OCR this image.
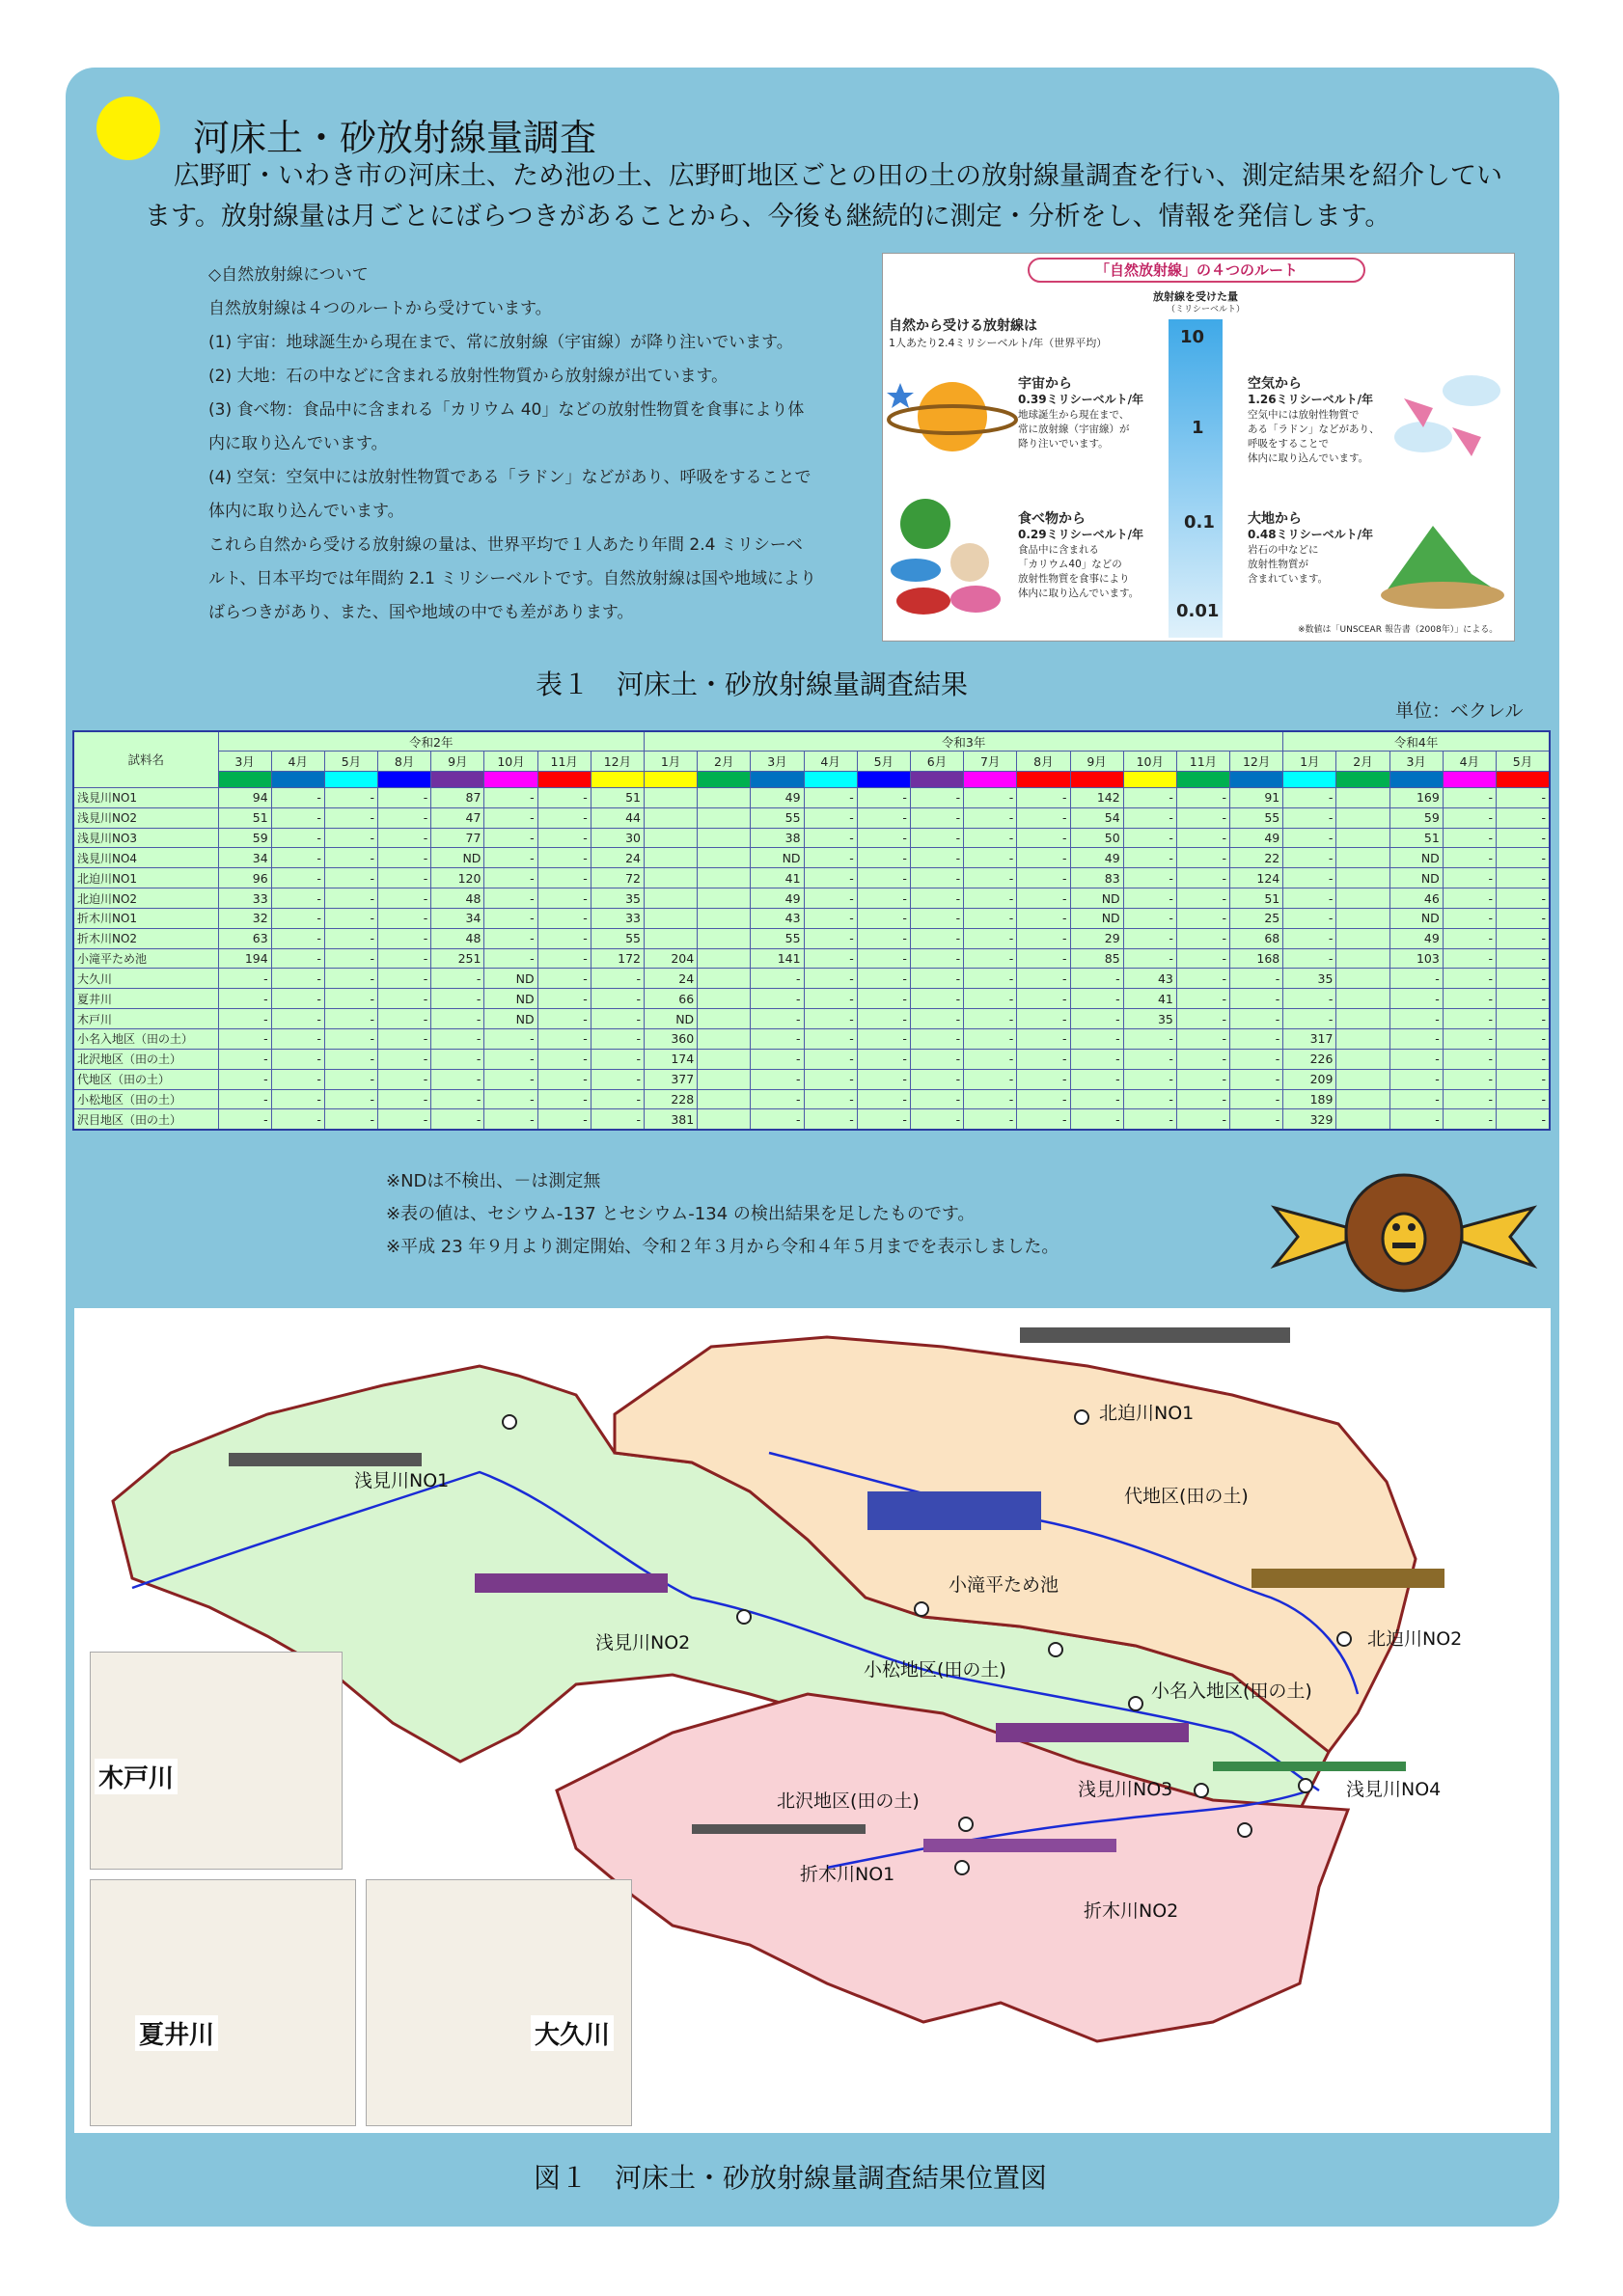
河床土・砂放射線量調査
広野町・いわき市の河床土、ため池の土、広野町地区ごとの田の土の放射線量調査を行い、測定結果を紹介しています。放射線量は月ごとにばらつきがあることから、今後も継続的に測定・分析をし、情報を発信します。
◇自然放射線について
自然放射線は４つのルートから受けています。
(1) 宇宙：地球誕生から現在まで、常に放射線（宇宙線）が降り注いでいます。
(2) 大地：石の中などに含まれる放射性物質から放射線が出ています。
(3) 食べ物：食品中に含まれる「カリウム 40」などの放射性物質を食事により体
内に取り込んでいます。
(4) 空気：空気中には放射性物質である「ラドン」などがあり、呼吸をすることで
体内に取り込んでいます。
これら自然から受ける放射線の量は、世界平均で１人あたり年間 2.4 ミリシーベ
ルト、日本平均では年間約 2.1 ミリシーベルトです。自然放射線は国や地域により
ばらつきがあり、また、国や地域の中でも差があります。
「自然放射線」の４つのルート
放射線を受けた量
（ミリシーベルト）
10
1
0.1
0.01
自然から受ける放射線は
1人あたり2.4ミリシーベルト/年（世界平均）
宇宙から
0.39ミリシーベルト/年
地球誕生から現在まで、
常に放射線（宇宙線）が
降り注いでいます。
食べ物から
0.29ミリシーベルト/年
食品中に含まれる
「カリウム40」などの
放射性物質を食事により
体内に取り込んでいます。
空気から
1.26ミリシーベルト/年
空気中には放射性物質で
ある「ラドン」などがあり、
呼吸をすることで
体内に取り込んでいます。
大地から
0.48ミリシーベルト/年
岩石の中などに
放射性物質が
含まれています。
※数値は「UNSCEAR 報告書（2008年）」による。
表１　河床土・砂放射線量調査結果
単位：ベクレル
試料名	令和2年								令和3年												令和4年				
	3月	4月	5月	8月	9月	10月	11月	12月	1月	2月	3月	4月	5月	6月	7月	8月	9月	10月	11月	12月	1月	2月	3月	4月	5月

浅見川NO1	94	-	-	-	87	-	-	51			49	-	-	-	-	-	142	-	-	91	-		169	-	-
浅見川NO2	51	-	-	-	47	-	-	44			55	-	-	-	-	-	54	-	-	55	-		59	-	-
浅見川NO3	59	-	-	-	77	-	-	30			38	-	-	-	-	-	50	-	-	49	-		51	-	-
浅見川NO4	34	-	-	-	ND	-	-	24			ND	-	-	-	-	-	49	-	-	22	-		ND	-	-
北迫川NO1	96	-	-	-	120	-	-	72			41	-	-	-	-	-	83	-	-	124	-		ND	-	-
北迫川NO2	33	-	-	-	48	-	-	35			49	-	-	-	-	-	ND	-	-	51	-		46	-	-
折木川NO1	32	-	-	-	34	-	-	33			43	-	-	-	-	-	ND	-	-	25	-		ND	-	-
折木川NO2	63	-	-	-	48	-	-	55			55	-	-	-	-	-	29	-	-	68	-		49	-	-
小滝平ため池	194	-	-	-	251	-	-	172	204		141	-	-	-	-	-	85	-	-	168	-		103	-	-
大久川	-	-	-	-	-	ND	-	-	24		-	-	-	-	-	-	-	43	-	-	35		-	-	-
夏井川	-	-	-	-	-	ND	-	-	66		-	-	-	-	-	-	-	41	-	-	-		-	-	-
木戸川	-	-	-	-	-	ND	-	-	ND		-	-	-	-	-	-	-	35	-	-	-		-	-	-
小名入地区（田の土）	-	-	-	-	-	-	-	-	360		-	-	-	-	-	-	-	-	-	-	317		-	-	-
北沢地区（田の土）	-	-	-	-	-	-	-	-	174		-	-	-	-	-	-	-	-	-	-	226		-	-	-
代地区（田の土）	-	-	-	-	-	-	-	-	377		-	-	-	-	-	-	-	-	-	-	209		-	-	-
小松地区（田の土）	-	-	-	-	-	-	-	-	228		-	-	-	-	-	-	-	-	-	-	189		-	-	-
沢目地区（田の土）	-	-	-	-	-	-	-	-	381		-	-	-	-	-	-	-	-	-	-	329		-	-	-
※NDは不検出、－は測定無
※表の値は、セシウム-137 とセシウム-134 の検出結果を足したものです。
※平成 23 年９月より測定開始、令和２年３月から令和４年５月までを表示しました。
北迫川NO1
浅見川NO1
代地区(田の土)
小滝平ため池
浅見川NO2	北迫川NO2
小松地区(田の土)
小名入地区(田の土)
浅見川NO3	浅見川NO4
北沢地区(田の土)
折木川NO1
折木川NO2
木戸川
夏井川	大久川
図１　河床土・砂放射線量調査結果位置図
